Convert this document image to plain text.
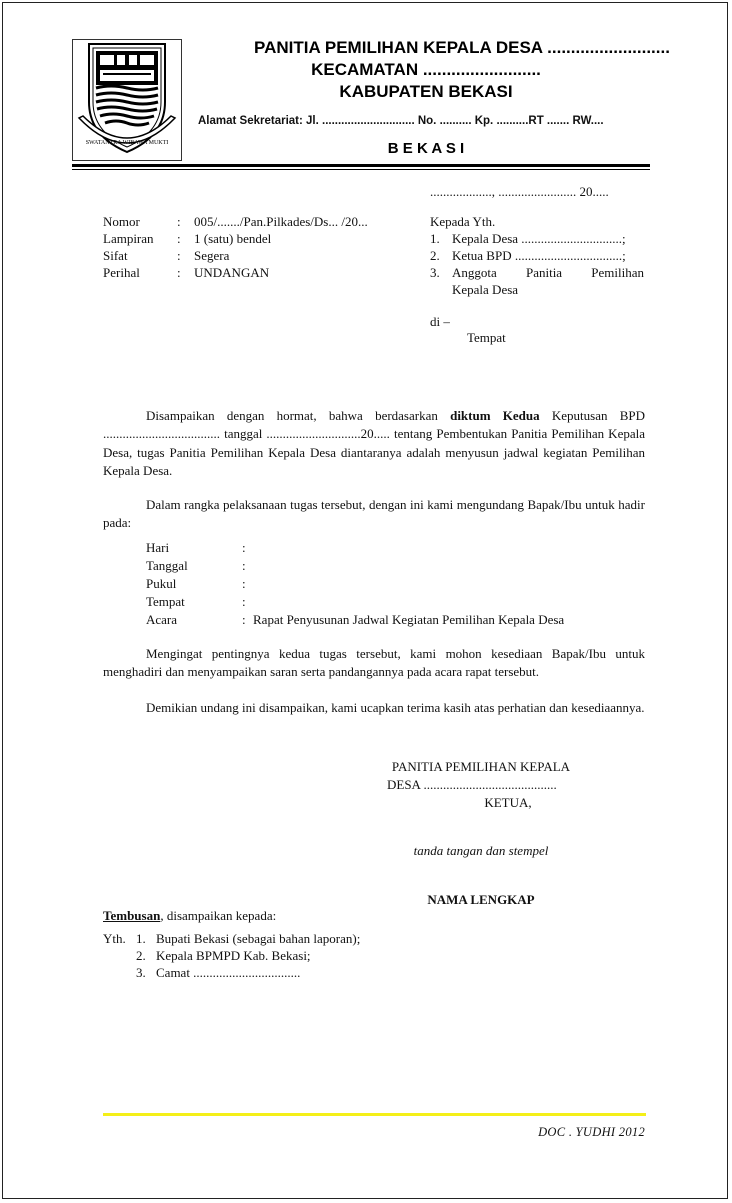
SWATANTRA WIBAWA MUKTI
PANITIA PEMILIHAN KEPALA DESA ..........................
KECAMATAN .........................
KABUPATEN BEKASI
Alamat Sekretariat: Jl. ............................. No. .......... Kp. ..........RT ....... RW....
B E K A S I
..................., ........................ 20.....
Nomor	:	005/......./Pan.Pilkades/Ds... /20...
Lampiran	:	1 (satu) bendel
Sifat	:	Segera
Perihal	:	UNDANGAN
Kepada Yth.
1. Kepala Desa ...............................;
2. Ketua BPD .................................;
3. Anggota Panitia Pemilihan
Kepala Desa
di –
Tempat
Disampaikan dengan hormat, bahwa berdasarkan diktum Kedua Keputusan BPD .................................... tanggal .............................20..... tentang Pembentukan Panitia Pemilihan Kepala Desa, tugas Panitia Pemilihan Kepala Desa diantaranya adalah menyusun jadwal kegiatan Pemilihan Kepala Desa.
Dalam rangka pelaksanaan tugas tersebut, dengan ini kami mengundang Bapak/Ibu untuk hadir pada:
Hari	:
Tanggal	:
Pukul	:
Tempat	:
Acara	: Rapat Penyusunan Jadwal Kegiatan Pemilihan Kepala Desa
Mengingat pentingnya kedua tugas tersebut, kami mohon kesediaan Bapak/Ibu untuk menghadiri dan menyampaikan saran serta pandangannya pada acara rapat tersebut.
Demikian undang ini disampaikan, kami ucapkan terima kasih atas perhatian dan kesediaannya.
PANITIA PEMILIHAN KEPALA
DESA .........................................
KETUA,
tanda tangan dan stempel
NAMA LENGKAP
Tembusan, disampaikan kepada:
Yth. 1. Bupati Bekasi (sebagai bahan laporan);
2. Kepala BPMPD Kab. Bekasi;
3. Camat .................................
DOC . YUDHI 2012
